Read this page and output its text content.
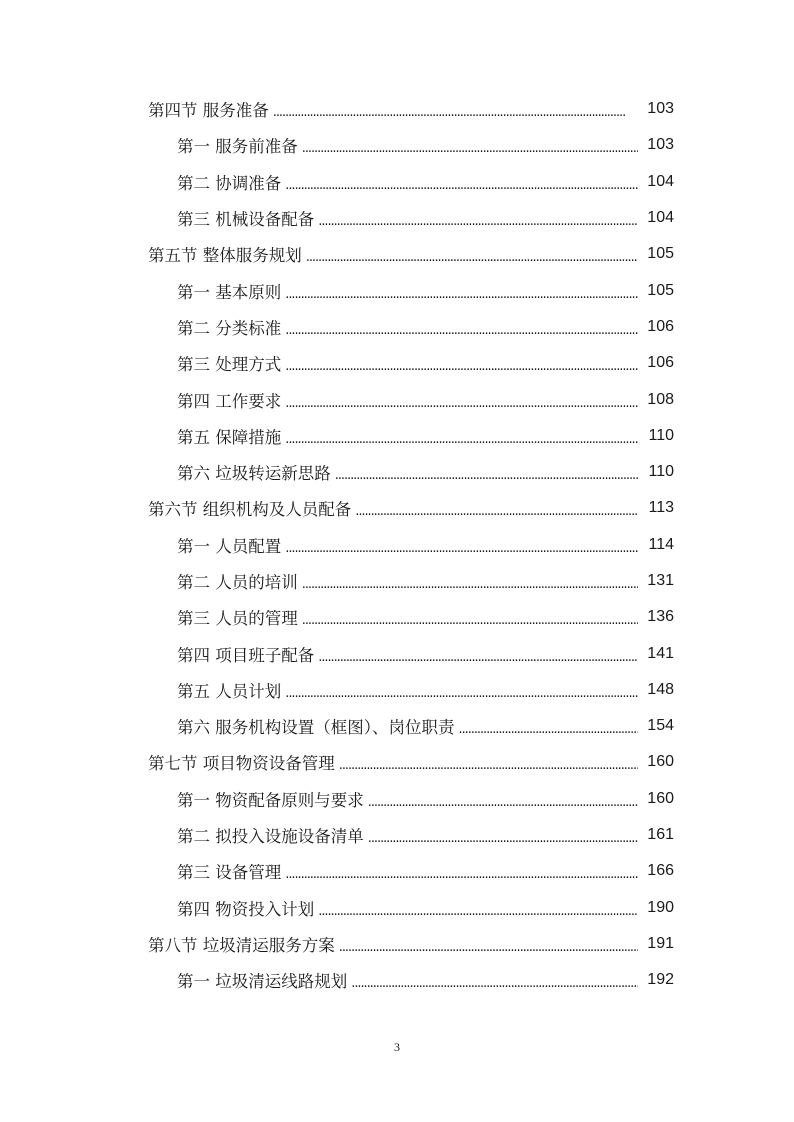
第四节 服务准备 . . .	103
第一 服务前准备 . . .	103
第二 协调准备 . . .	104
第三 机械设备配备 . . .	104
第五节 整体服务规划 . . .	105
第一 基本原则 . . .	105
第二 分类标准 . . .	106
第三 处理方式 . . .	106
第四 工作要求 . . .	108
第五 保障措施 . . .	110
第六 垃圾转运新思路 . . .	110
第六节 组织机构及人员配备 . . .	113
第一 人员配置 . . .	114
第二 人员的培训 . . .	131
第三 人员的管理 . . .	136
第四 项目班子配备 . . .	141
第五 人员计划 . . .	148
第六 服务机构设置（框图）、岗位职责 . . .	154
第七节 项目物资设备管理 . . .	160
第一 物资配备原则与要求 . . .	160
第二 拟投入设施设备清单 . . .	161
第三 设备管理 . . .	166
第四 物资投入计划 . . .	190
第八节 垃圾清运服务方案 . . .	191
第一 垃圾清运线路规划 . . .	192
3
